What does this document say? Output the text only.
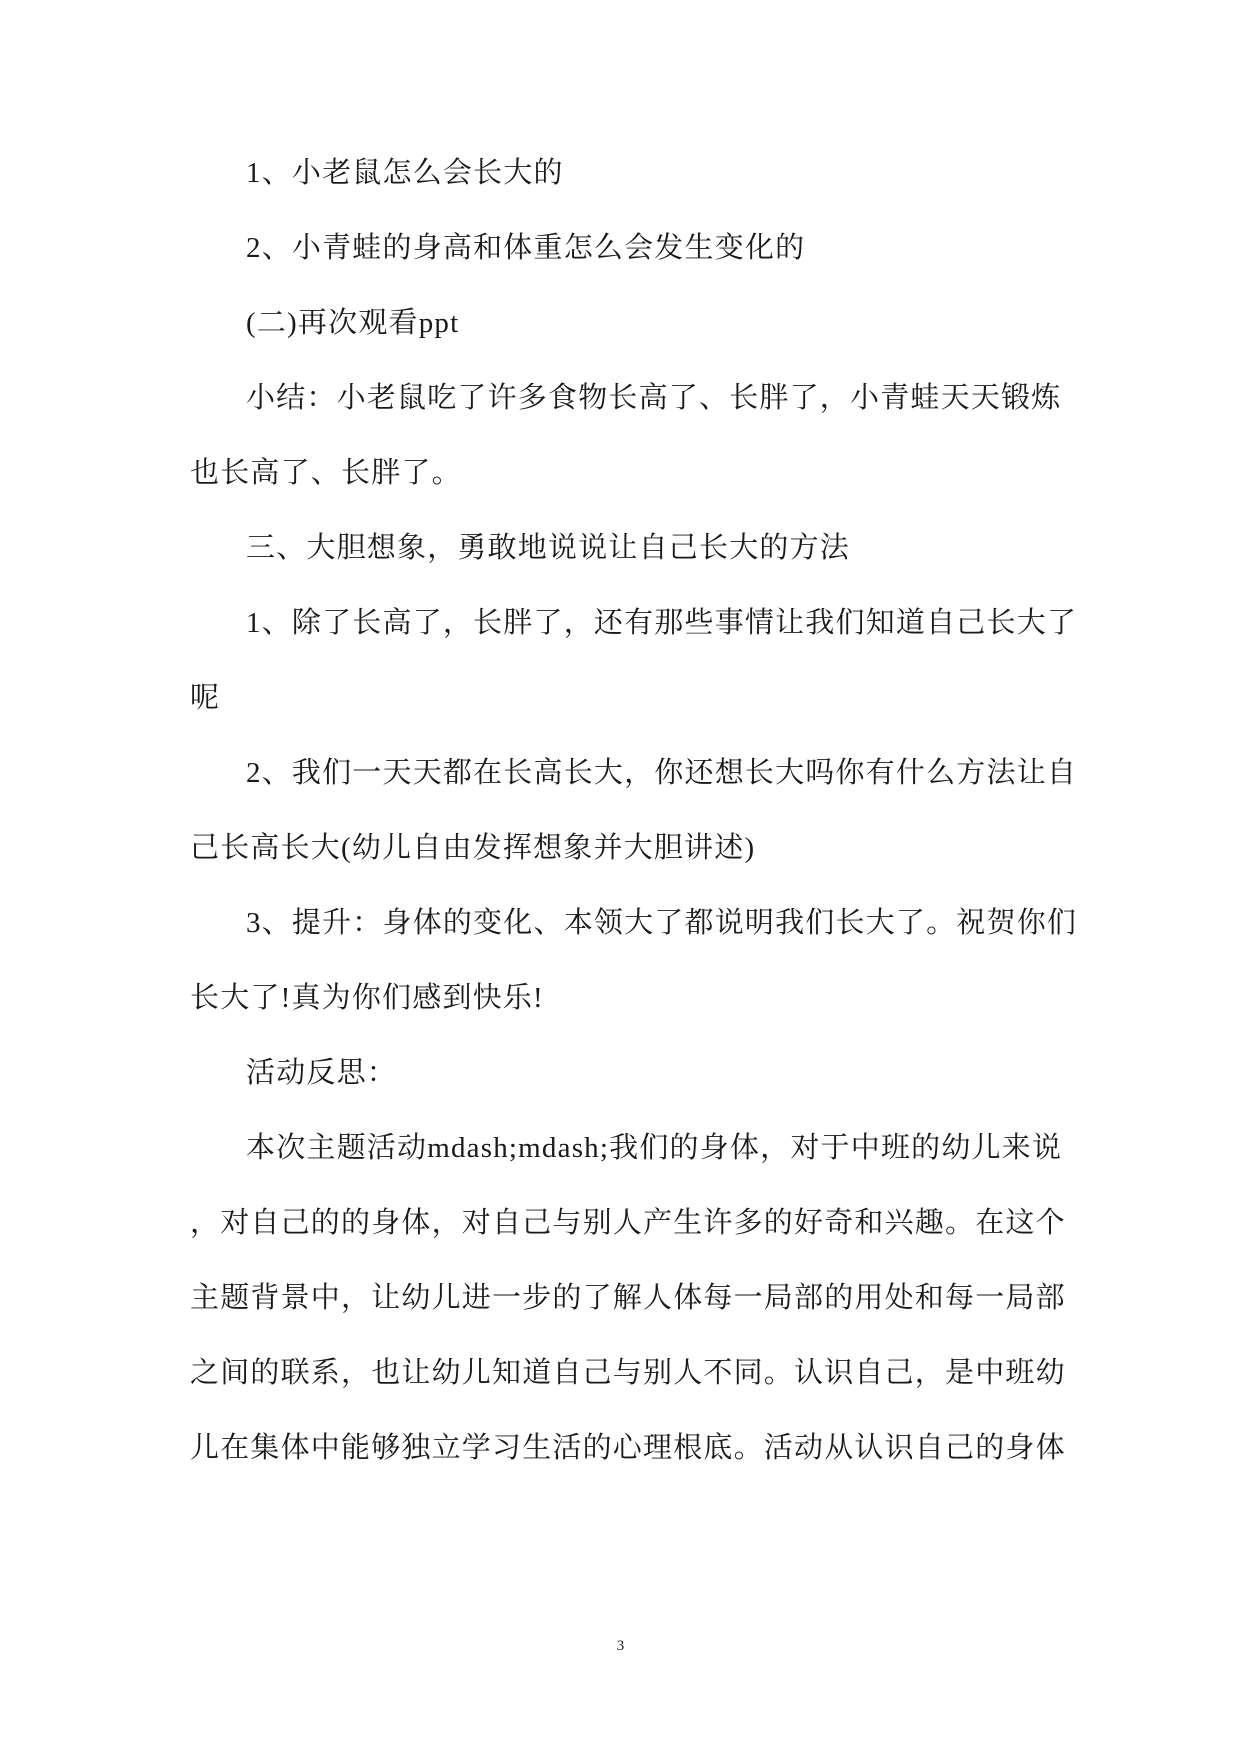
1、小老鼠怎么会长大的
2、小青蛙的身高和体重怎么会发生变化的
(二)再次观看ppt
小结：小老鼠吃了许多食物长高了、长胖了，小青蛙天天锻炼
也长高了、长胖了。
三、大胆想象，勇敢地说说让自己长大的方法
1、除了长高了，长胖了，还有那些事情让我们知道自己长大了
呢
2、我们一天天都在长高长大，你还想长大吗你有什么方法让自
己长高长大(幼儿自由发挥想象并大胆讲述)
3、提升：身体的变化、本领大了都说明我们长大了。祝贺你们
长大了!真为你们感到快乐!
活动反思：
本次主题活动mdash;mdash;我们的身体，对于中班的幼儿来说
，对自己的的身体，对自己与别人产生许多的好奇和兴趣。在这个
主题背景中，让幼儿进一步的了解人体每一局部的用处和每一局部
之间的联系，也让幼儿知道自己与别人不同。认识自己，是中班幼
儿在集体中能够独立学习生活的心理根底。活动从认识自己的身体
3
